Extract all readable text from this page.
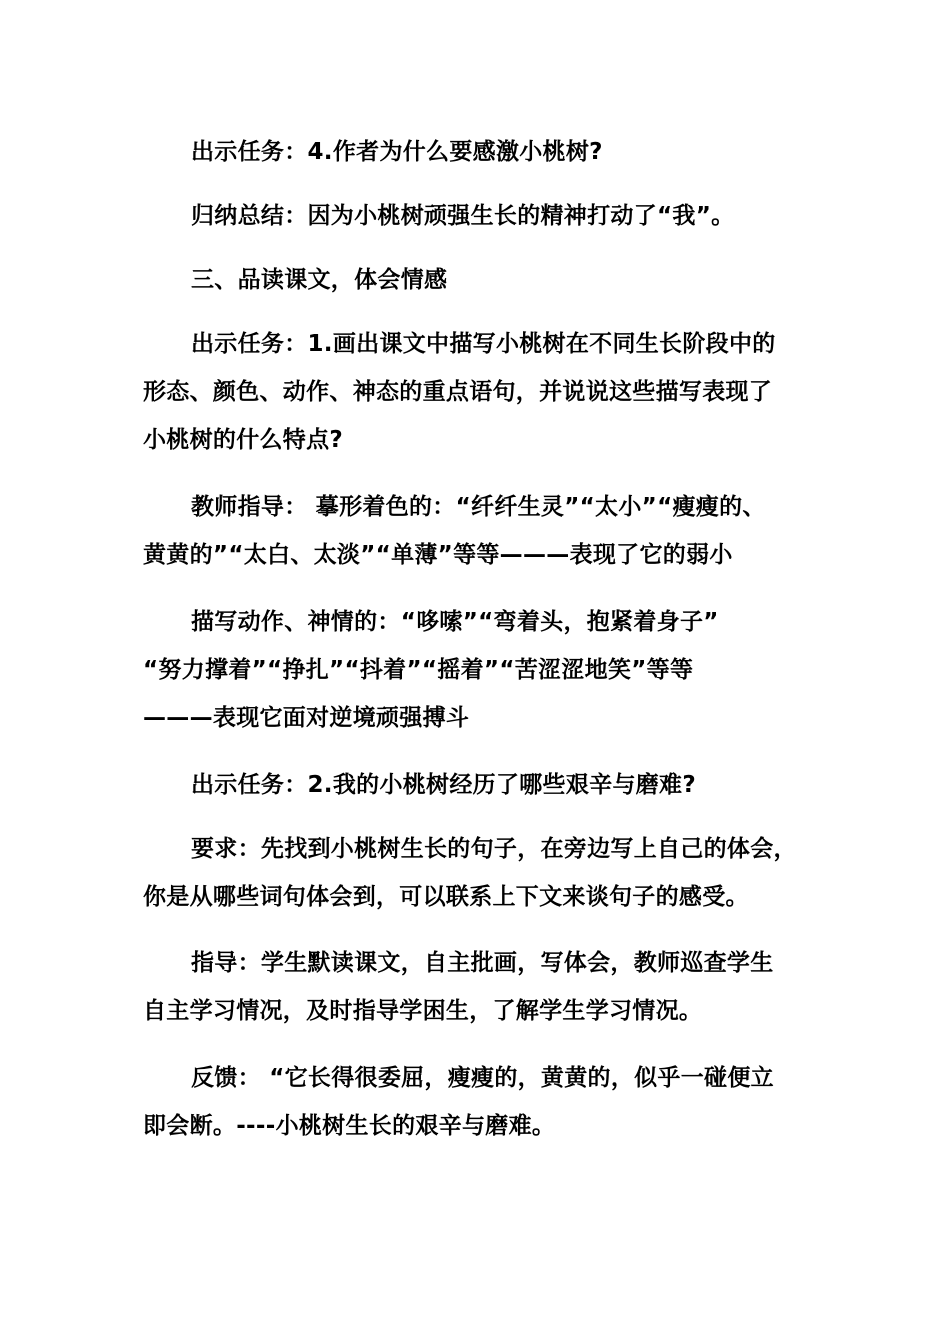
出示任务：4.作者为什么要感激小桃树?

归纳总结：因为小桃树顽强生长的精神打动了“我”。

三、品读课文，体会情感

出示任务：1.画出课文中描写小桃树在不同生长阶段中的
形态、颜色、动作、神态的重点语句，并说说这些描写表现了
小桃树的什么特点?

教师指导： 摹形着色的：“纤纤生灵”“太小”“瘦瘦的、
黄黄的”“太白、太淡”“单薄”等等———表现了它的弱小

描写动作、神情的：“哆嗦”“弯着头，抱紧着身子”
“努力撑着”“挣扎”“抖着”“摇着”“苦涩涩地笑”等等
———表现它面对逆境顽强搏斗

出示任务：2.我的小桃树经历了哪些艰辛与磨难?

要求：先找到小桃树生长的句子，在旁边写上自己的体会，
你是从哪些词句体会到，可以联系上下文来谈句子的感受。

指导：学生默读课文，自主批画，写体会，教师巡查学生
自主学习情况，及时指导学困生，了解学生学习情况。

反馈： “它长得很委屈，瘦瘦的，黄黄的，似乎一碰便立
即会断。----小桃树生长的艰辛与磨难。
